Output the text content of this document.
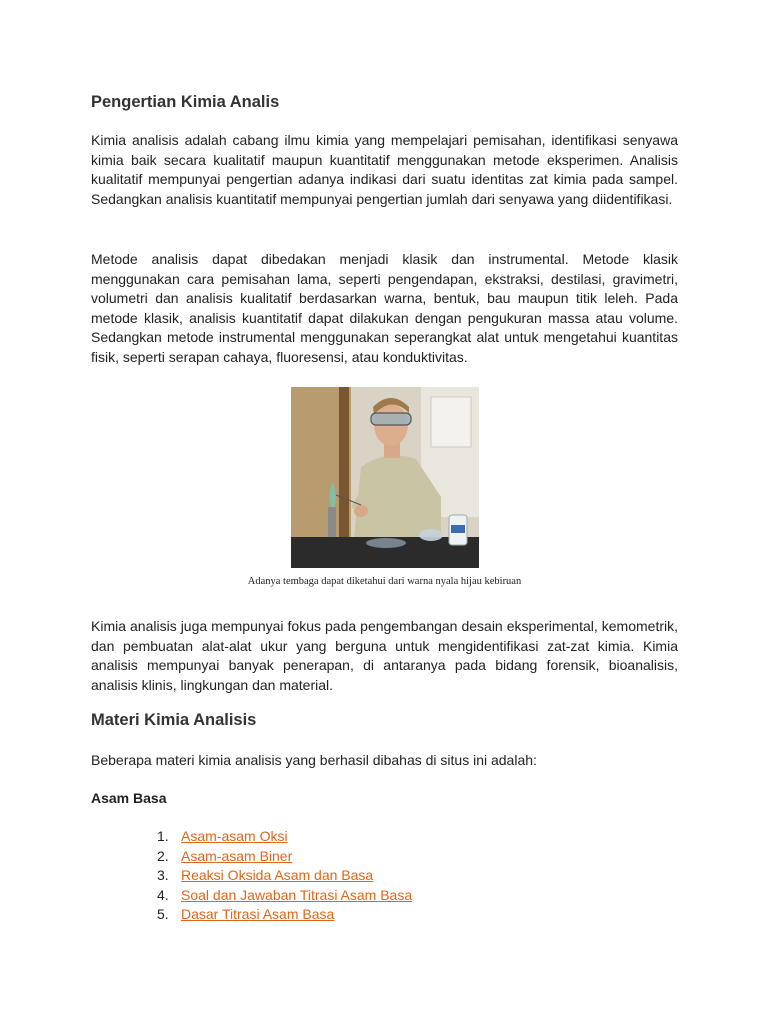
Pengertian Kimia Analis

Kimia analisis adalah cabang ilmu kimia yang mempelajari pemisahan, identifikasi senyawa kimia baik secara kualitatif maupun kuantitatif menggunakan metode eksperimen. Analisis kualitatif mempunyai pengertian adanya indikasi dari suatu identitas zat kimia pada sampel. Sedangkan analisis kuantitatif mempunyai pengertian jumlah dari senyawa yang diidentifikasi.

Metode analisis dapat dibedakan menjadi klasik dan instrumental. Metode klasik menggunakan cara pemisahan lama, seperti pengendapan, ekstraksi, destilasi, gravimetri, volumetri dan analisis kualitatif berdasarkan warna, bentuk, bau maupun titik leleh. Pada metode klasik, analisis kuantitatif dapat dilakukan dengan pengukuran massa atau volume. Sedangkan metode instrumental menggunakan seperangkat alat untuk mengetahui kuantitas fisik, seperti serapan cahaya, fluoresensi, atau konduktivitas.

Adanya tembaga dapat diketahui dari warna nyala hijau kebiruan

Kimia analisis juga mempunyai fokus pada pengembangan desain eksperimental, kemometrik, dan pembuatan alat-alat ukur yang berguna untuk mengidentifikasi zat-zat kimia. Kimia analisis mempunyai banyak penerapan, di antaranya pada bidang forensik, bioanalisis, analisis klinis, lingkungan dan material.

Materi Kimia Analisis

Beberapa materi kimia analisis yang berhasil dibahas di situs ini adalah:

Asam Basa
1. Asam-asam Oksi
2. Asam-asam Biner
3. Reaksi Oksida Asam dan Basa
4. Soal dan Jawaban Titrasi Asam Basa
5. Dasar Titrasi Asam Basa
